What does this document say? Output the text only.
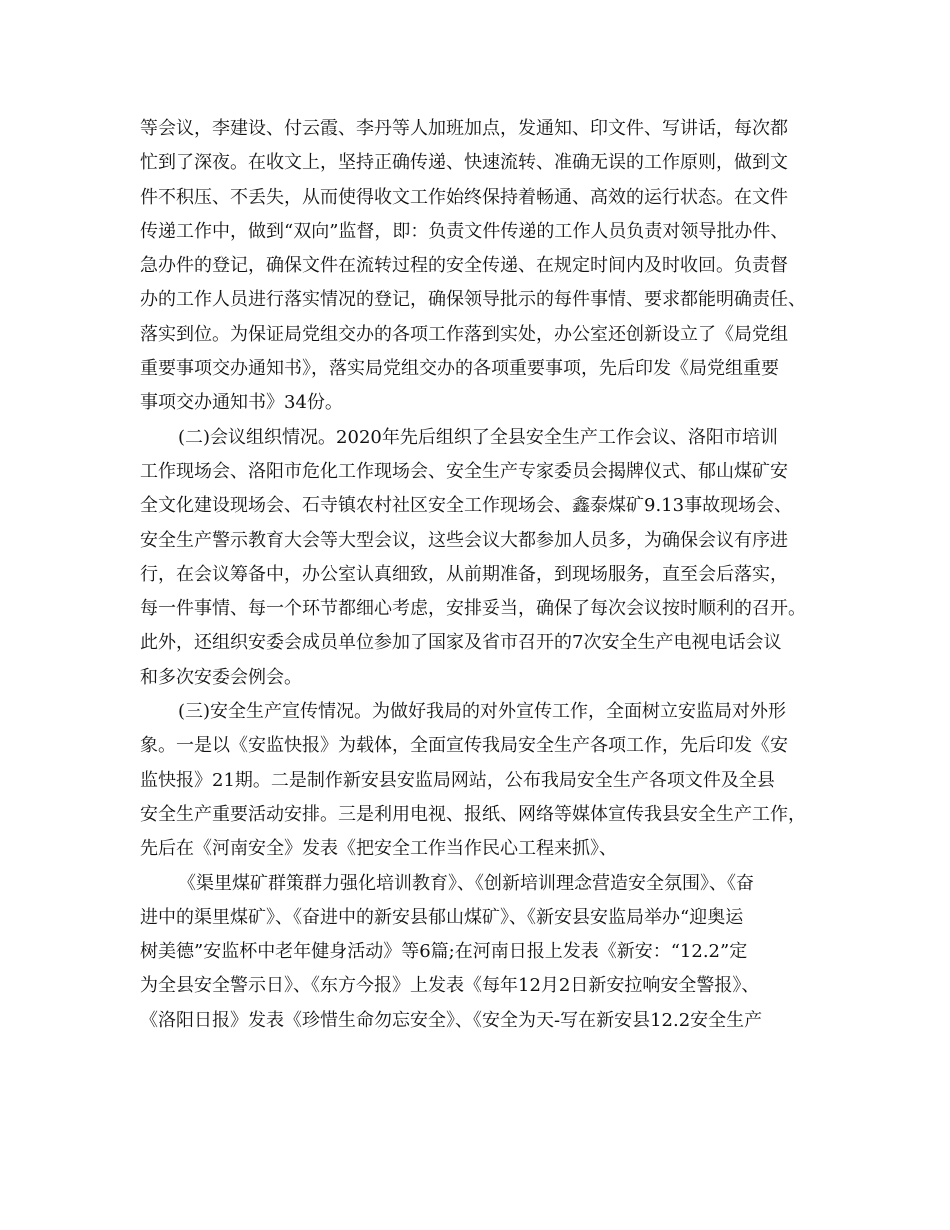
等会议，李建设、付云霞、李丹等人加班加点，发通知、印文件、写讲话，每次都
忙到了深夜。在收文上，坚持正确传递、快速流转、准确无误的工作原则，做到文
件不积压、不丢失，从而使得收文工作始终保持着畅通、高效的运行状态。在文件
传递工作中，做到“双向”监督，即：负责文件传递的工作人员负责对领导批办件、
急办件的登记，确保文件在流转过程的安全传递、在规定时间内及时收回。负责督
办的工作人员进行落实情况的登记，确保领导批示的每件事情、要求都能明确责任、
落实到位。为保证局党组交办的各项工作落到实处，办公室还创新设立了《局党组
重要事项交办通知书》，落实局党组交办的各项重要事项，先后印发《局党组重要
事项交办通知书》34份。
(二)会议组织情况。2020年先后组织了全县安全生产工作会议、洛阳市培训
工作现场会、洛阳市危化工作现场会、安全生产专家委员会揭牌仪式、郁山煤矿安
全文化建设现场会、石寺镇农村社区安全工作现场会、鑫泰煤矿9.13事故现场会、
安全生产警示教育大会等大型会议，这些会议大都参加人员多，为确保会议有序进
行，在会议筹备中，办公室认真细致，从前期准备，到现场服务，直至会后落实，
每一件事情、每一个环节都细心考虑，安排妥当，确保了每次会议按时顺利的召开。
此外，还组织安委会成员单位参加了国家及省市召开的7次安全生产电视电话会议
和多次安委会例会。
(三)安全生产宣传情况。为做好我局的对外宣传工作，全面树立安监局对外形
象。一是以《安监快报》为载体，全面宣传我局安全生产各项工作，先后印发《安
监快报》21期。二是制作新安县安监局网站，公布我局安全生产各项文件及全县
安全生产重要活动安排。三是利用电视、报纸、网络等媒体宣传我县安全生产工作，
先后在《河南安全》发表《把安全工作当作民心工程来抓》、
《渠里煤矿群策群力强化培训教育》、《创新培训理念营造安全氛围》、《奋
进中的渠里煤矿》、《奋进中的新安县郁山煤矿》、《新安县安监局举办“迎奥运
树美德”安监杯中老年健身活动》等6篇;在河南日报上发表《新安：“12.2”定
为全县安全警示日》、《东方今报》上发表《每年12月2日新安拉响安全警报》、
《洛阳日报》发表《珍惜生命勿忘安全》、《安全为天-写在新安县12.2安全生产
